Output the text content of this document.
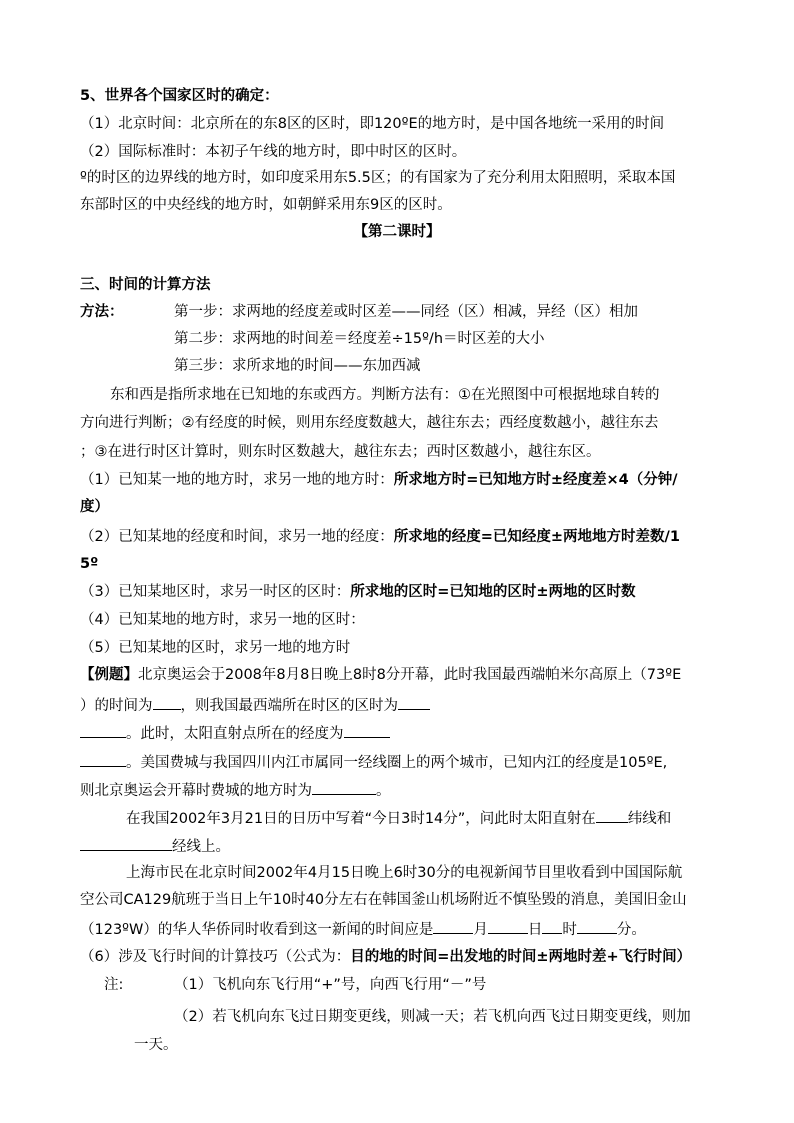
5、世界各个国家区时的确定：
（1）北京时间：北京所在的东8区的区时，即120ºE的地方时，是中国各地统一采用的时间
（2）国际标准时：本初子午线的地方时，即中时区的区时。
º的时区的边界线的地方时，如印度采用东5.5区；的有国家为了充分利用太阳照明，采取本国
东部时区的中央经线的地方时，如朝鲜采用东9区的区时。
【第二课时】
三、时间的计算方法
方法：	第一步：求两地的经度差或时区差——同经（区）相减，异经（区）相加
第二步：求两地的时间差＝经度差÷15º/h＝时区差的大小
第三步：求所求地的时间——东加西减
东和西是指所求地在已知地的东或西方。判断方法有：①在光照图中可根据地球自转的
方向进行判断；②有经度的时候，则用东经度数越大，越往东去；西经度数越小，越往东去
；③在进行时区计算时，则东时区数越大，越往东去；西时区数越小，越往东区。
（1）已知某一地的地方时，求另一地的地方时：所求地方时=已知地方时±经度差×4（分钟/
度）
（2）已知某地的经度和时间，求另一地的经度：所求地的经度=已知经度±两地地方时差数/1
5º
（3）已知某地区时，求另一时区的区时：所求地的区时=已知地的区时±两地的区时数
（4）已知某地的地方时，求另一地的区时：
（5）已知某地的区时，求另一地的地方时
【例题】北京奥运会于2008年8月8日晚上8时8分开幕，此时我国最西端帕米尔高原上（73ºE
）的时间为 ，则我国最西端所在时区的区时为
。此时，太阳直射点所在的经度为
。美国费城与我国四川内江市属同一经线圈上的两个城市，已知内江的经度是105ºE,
则北京奥运会开幕时费城的地方时为	。
在我国2002年3月21日的日历中写着“今日3时14分”，问此时太阳直射在 纬线和
经线上。
上海市民在北京时间2002年4月15日晚上6时30分的电视新闻节目里收看到中国国际航
空公司CA129航班于当日上午10时40分左右在韩国釜山机场附近不慎坠毁的消息，美国旧金山
（123ºW）的华人华侨同时收看到这一新闻的时间应是	月	日 时	分。
（6）涉及飞行时间的计算技巧（公式为：目的地的时间=出发地的时间±两地时差+飞行时间）
注:	（1）飞机向东飞行用“+”号，向西飞行用“－”号
（2）若飞机向东飞过日期变更线，则减一天；若飞机向西飞过日期变更线，则加
一天。
